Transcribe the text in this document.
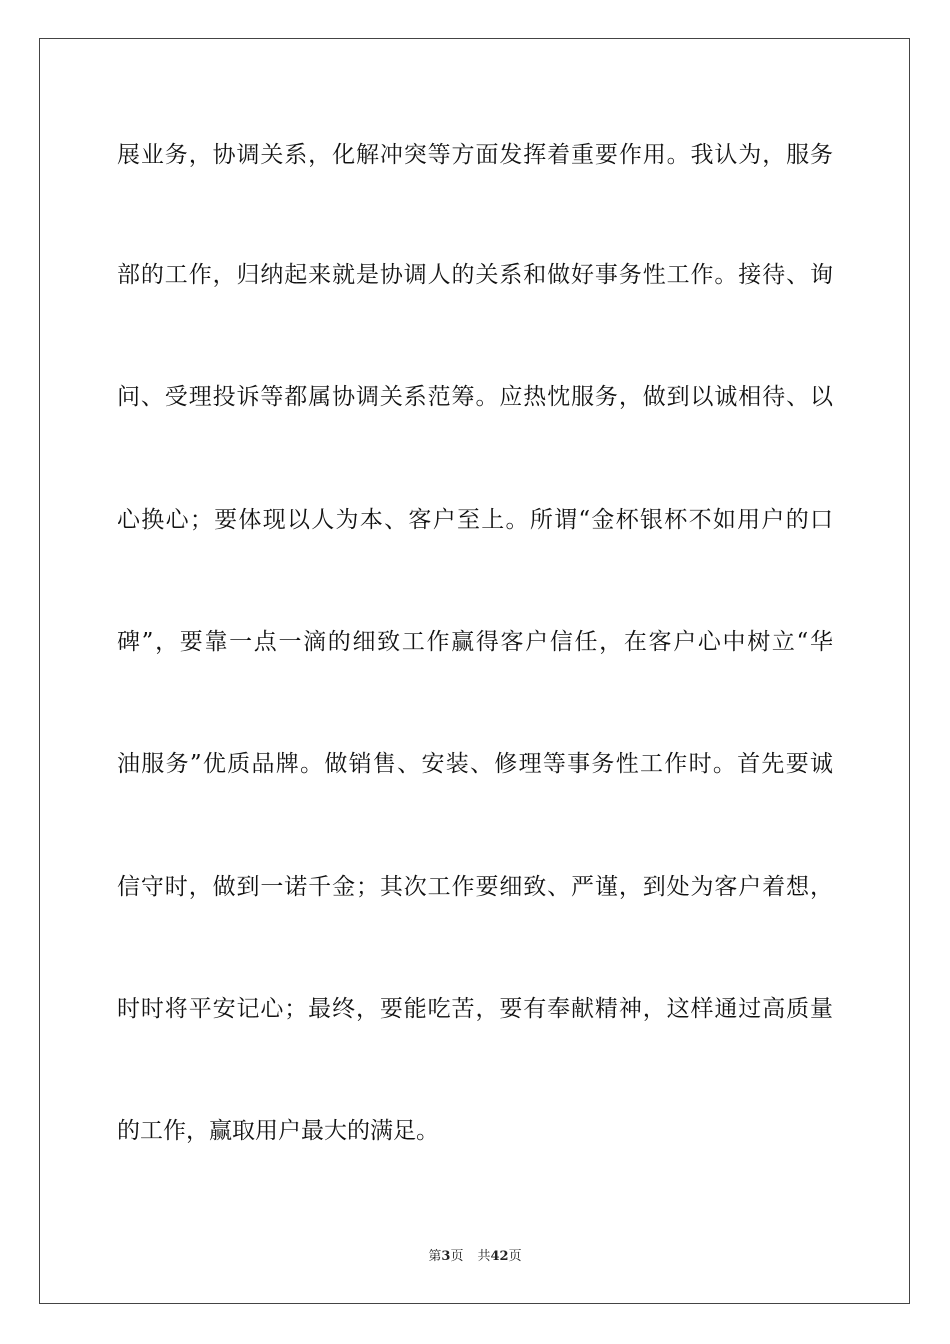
展业务，协调关系，化解冲突等方面发挥着重要作用。我认为，服务
部的工作，归纳起来就是协调人的关系和做好事务性工作。接待、询
问、受理投诉等都属协调关系范筹。应热忱服务，做到以诚相待、以
心换心；要体现以人为本、客户至上。所谓“金杯银杯不如用户的口
碑”，要靠一点一滴的细致工作赢得客户信任，在客户心中树立“华
油服务”优质品牌。做销售、安装、修理等事务性工作时。首先要诚
信守时，做到一诺千金；其次工作要细致、严谨，到处为客户着想，
时时将平安记心；最终，要能吃苦，要有奉献精神，这样通过高质量
的工作，赢取用户最大的满足。
第3页 共42页
